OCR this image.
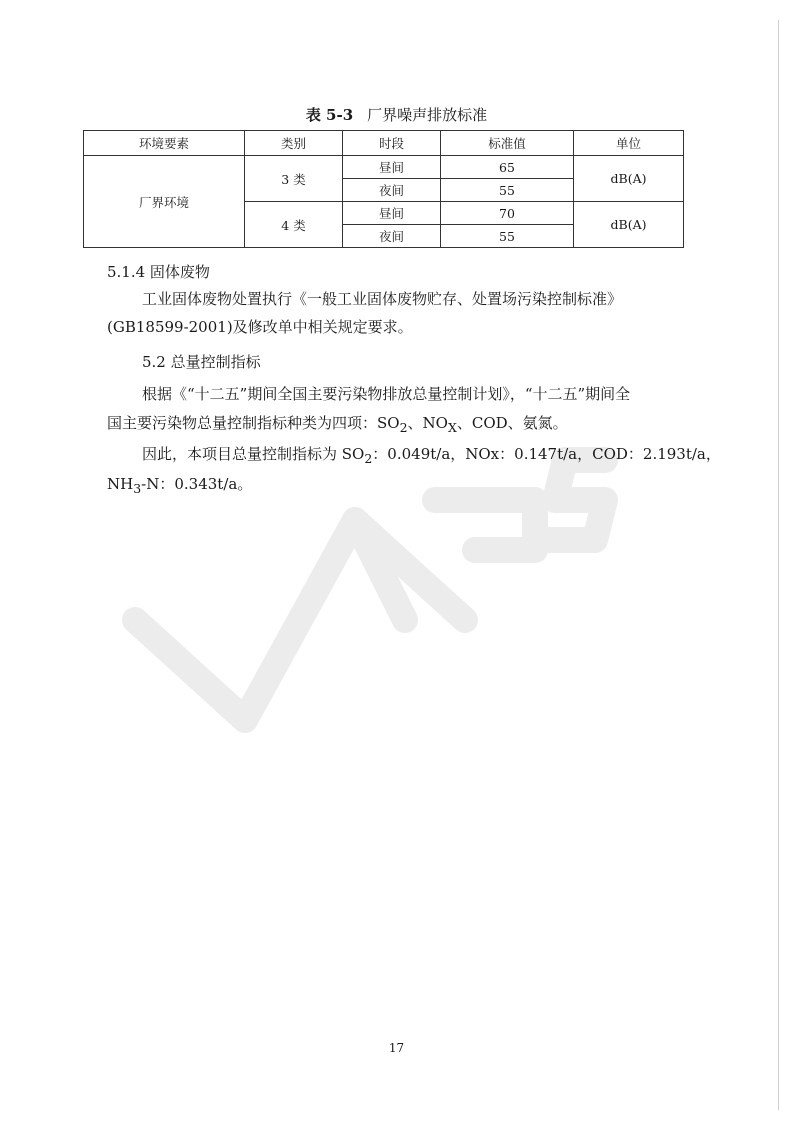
表 5-3 厂界噪声排放标准
环境要素	类别	时段	标准值	单位
厂界环境	3 类	昼间	65	dB(A)
		夜间	55	
	4 类	昼间	70	dB(A)
		夜间	55	
5.1.4 固体废物
工业固体废物处置执行《一般工业固体废物贮存、处置场污染控制标准》
(GB18599-2001)及修改单中相关规定要求。
5.2 总量控制指标
根据《“十二五”期间全国主要污染物排放总量控制计划》，“十二五”期间全
国主要污染物总量控制指标种类为四项：$SO_2$、$NO_X$、COD、氨氮。
因此，本项目总量控制指标为 $SO_2$：0.049t/a，NOx：0.147t/a，COD：2.193t/a，
$NH_3-N$：0.343t/a。
17
